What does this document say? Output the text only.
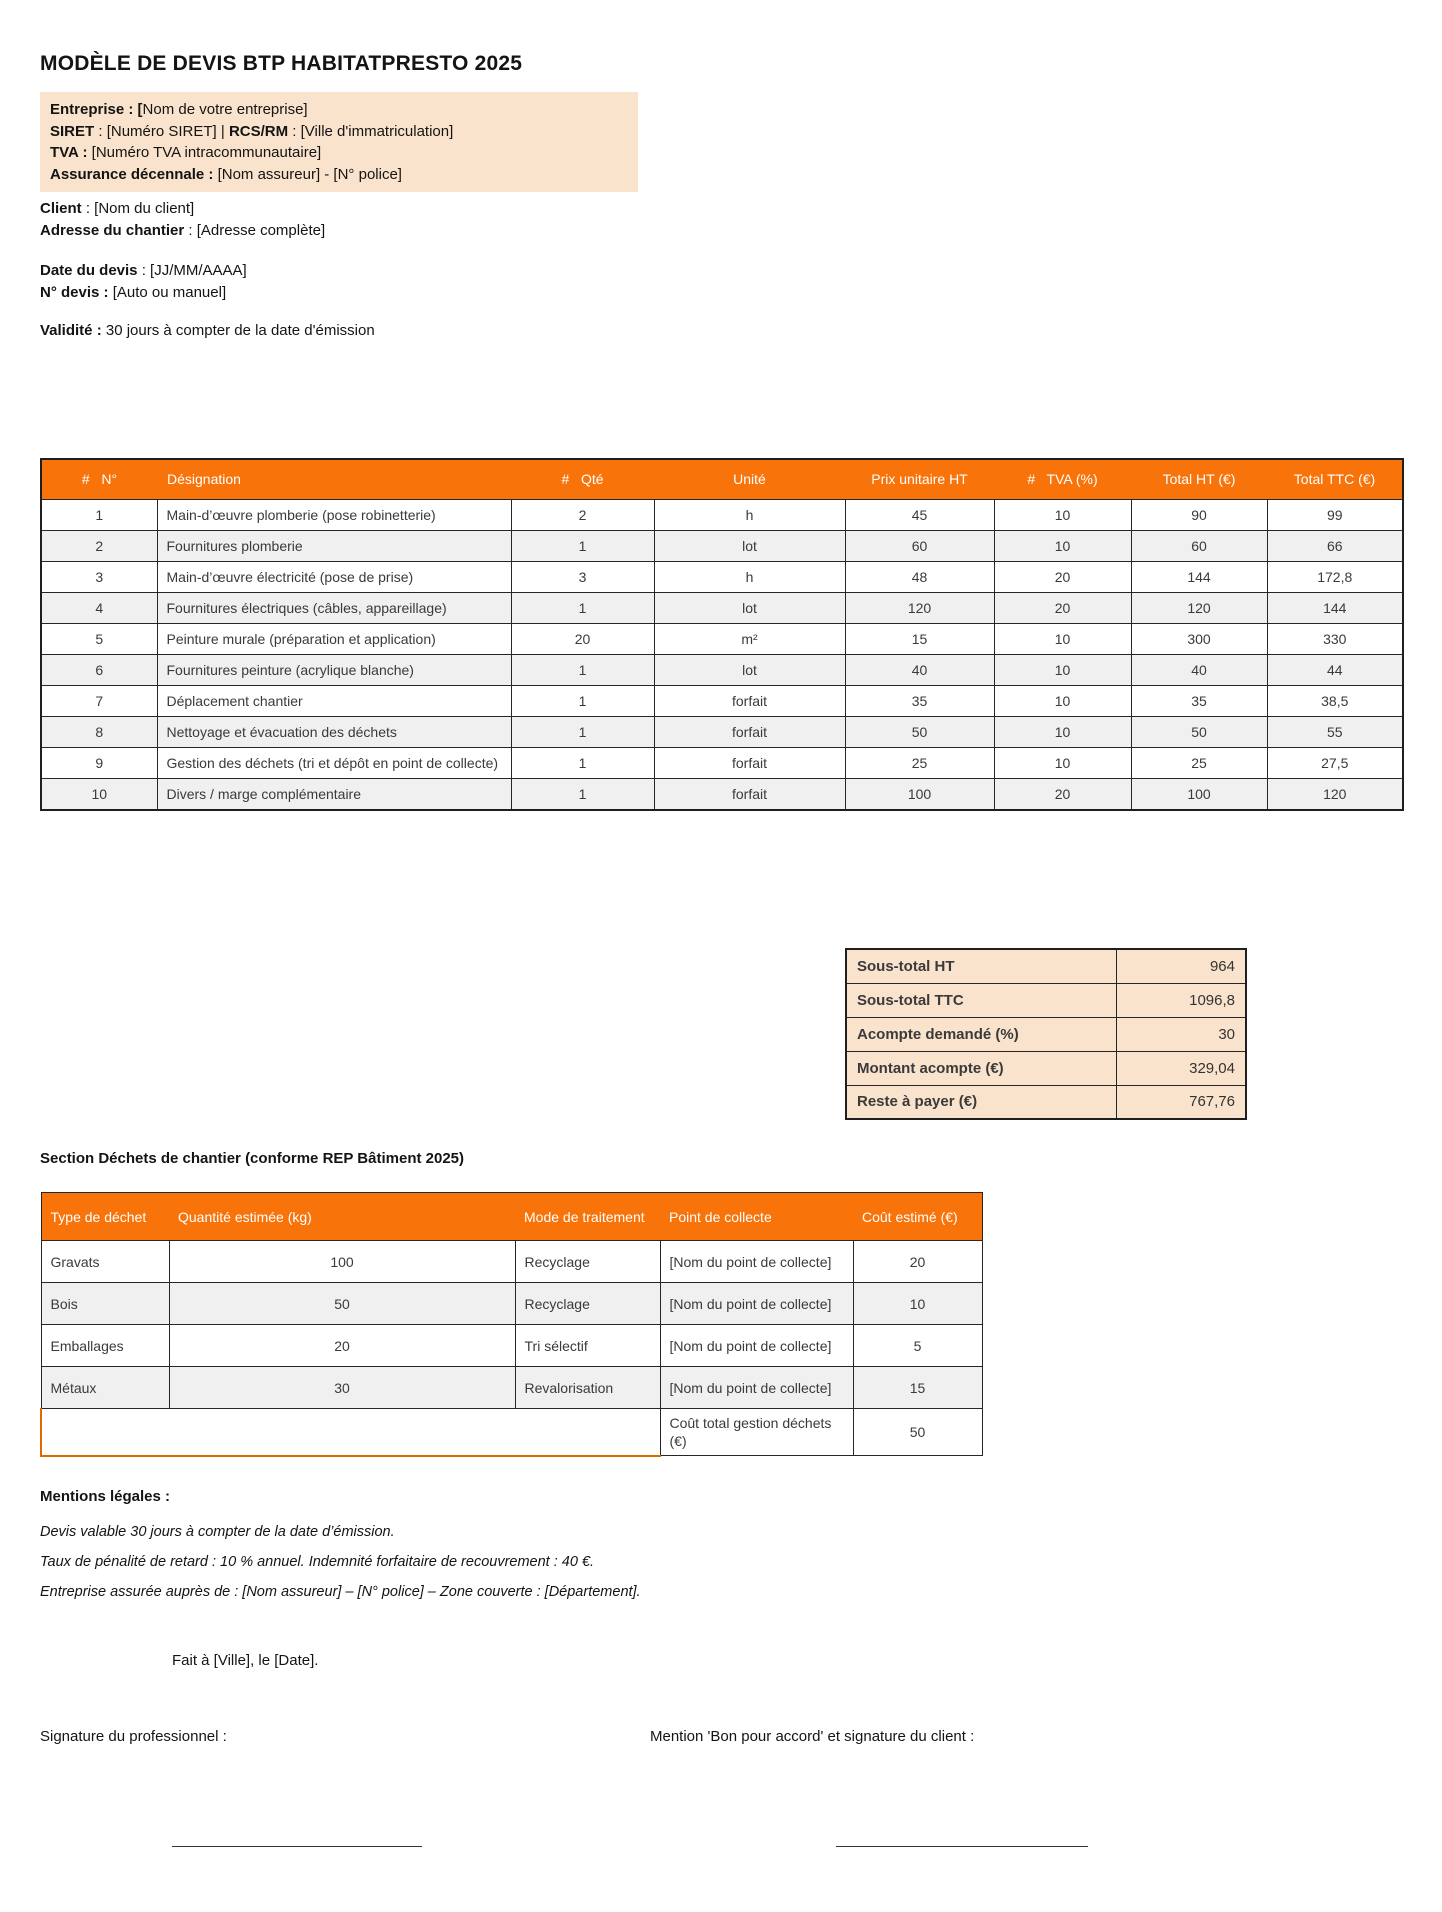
MODÈLE DE DEVIS BTP HABITATPRESTO 2025

Entreprise : [Nom de votre entreprise]

SIRET : [Numéro SIRET] | RCS/RM : [Ville d'immatriculation]

TVA : [Numéro TVA intracommunautaire]

Assurance décennale : [Nom assureur] - [N° police]

Client : [Nom du client]

Adresse du chantier : [Adresse complète]

Date du devis : [JJ/MM/AAAA]

N° devis : [Auto ou manuel]

Validité : 30 jours à compter de la date d'émission

#   N°	Désignation	#   Qté	Unité	Prix unitaire HT	#   TVA (%)	Total HT (€)	Total TTC (€)
1	Main-d’œuvre plomberie (pose robinetterie)	2	h	45	10	90	99
2	Fournitures plomberie	1	lot	60	10	60	66
3	Main-d’œuvre électricité (pose de prise)	3	h	48	20	144	172,8
4	Fournitures électriques (câbles, appareillage)	1	lot	120	20	120	144
5	Peinture murale (préparation et application)	20	m²	15	10	300	330
6	Fournitures peinture (acrylique blanche)	1	lot	40	10	40	44
7	Déplacement chantier	1	forfait	35	10	35	38,5
8	Nettoyage et évacuation des déchets	1	forfait	50	10	50	55
9	Gestion des déchets (tri et dépôt en point de collecte)	1	forfait	25	10	25	27,5
10	Divers / marge complémentaire	1	forfait	100	20	100	120
Sous-total HT	964
Sous-total TTC	1096,8
Acompte demandé (%)	30
Montant acompte (€)	329,04
Reste à payer (€)	767,76
Section Déchets de chantier (conforme REP Bâtiment 2025)
Type de déchet	Quantité estimée (kg)	Mode de traitement	Point de collecte	Coût estimé (€)
Gravats	100	Recyclage	[Nom du point de collecte]	20
Bois	50	Recyclage	[Nom du point de collecte]	10
Emballages	20	Tri sélectif	[Nom du point de collecte]	5
Métaux	30	Revalorisation	[Nom du point de collecte]	15
			Coût total gestion déchets (€)	50

Mentions légales :

Devis valable 30 jours à compter de la date d’émission.

Taux de pénalité de retard : 10 % annuel. Indemnité forfaitaire de recouvrement : 40 €.

Entreprise assurée auprès de : [Nom assureur] – [N° police] – Zone couverte : [Département].

Fait à [Ville], le [Date].

Signature du professionnel :	Mention 'Bon pour accord' et signature du client :
